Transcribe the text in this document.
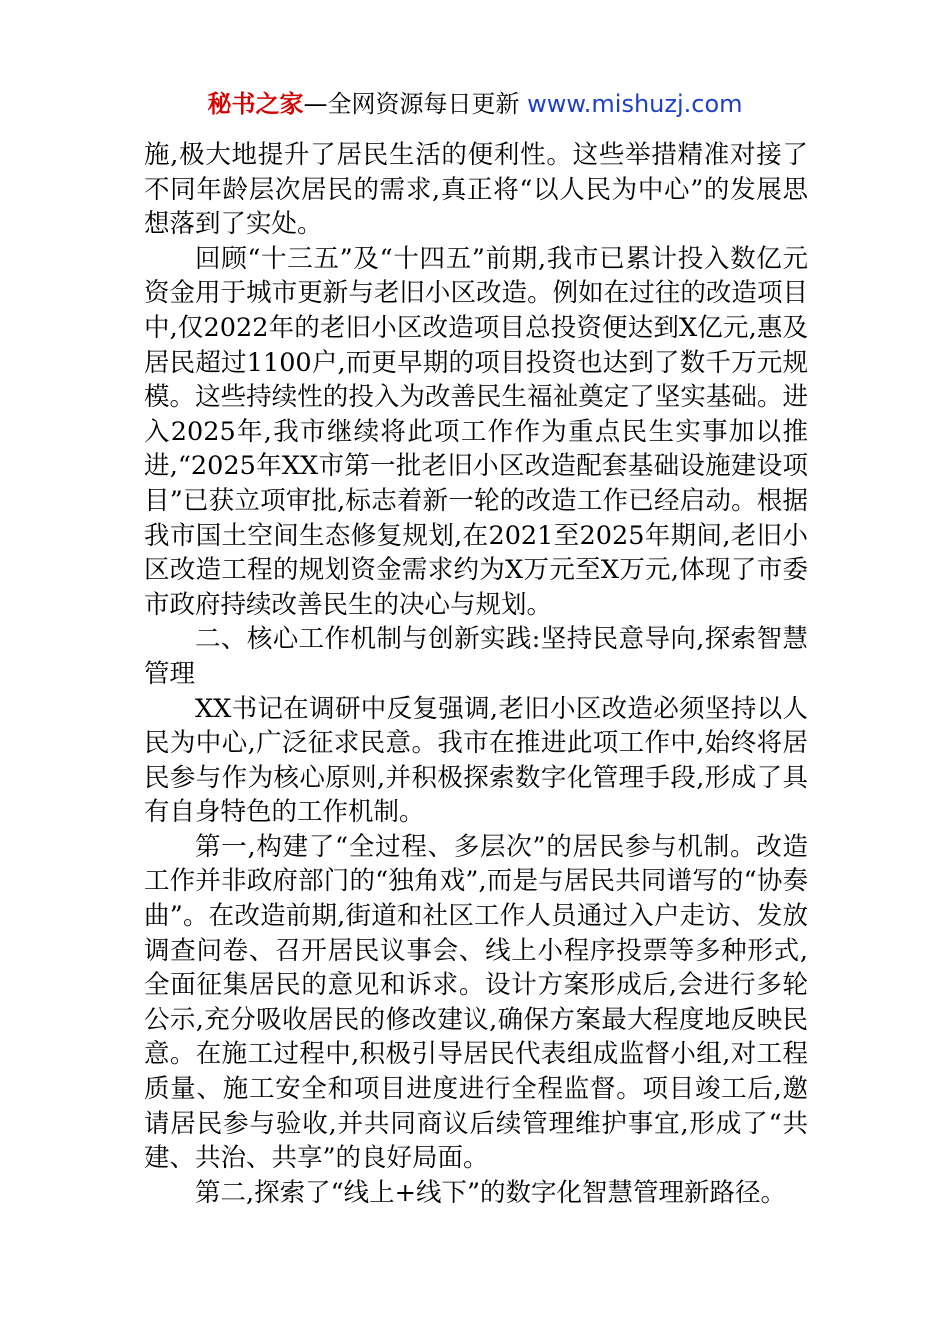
秘书之家—全网资源每日更新 www.mishuzj.com

施,极大地提升了居民生活的便利性。这些举措精准对接了不同年龄层次居民的需求,真正将“以人民为中心”的发展思想落到了实处。

回顾“十三五”及“十四五”前期,我市已累计投入数亿元资金用于城市更新与老旧小区改造。例如在过往的改造项目中,仅2022年的老旧小区改造项目总投资便达到X亿元,惠及居民超过1100户,而更早期的项目投资也达到了数千万元规模。这些持续性的投入为改善民生福祉奠定了坚实基础。进入2025年,我市继续将此项工作作为重点民生实事加以推进,“2025年XX市第一批老旧小区改造配套基础设施建设项目”已获立项审批,标志着新一轮的改造工作已经启动。根据我市国土空间生态修复规划,在2021至2025年期间,老旧小区改造工程的规划资金需求约为X万元至X万元,体现了市委市政府持续改善民生的决心与规划。

二、核心工作机制与创新实践:坚持民意导向,探索智慧管理

XX书记在调研中反复强调,老旧小区改造必须坚持以人民为中心,广泛征求民意。我市在推进此项工作中,始终将居民参与作为核心原则,并积极探索数字化管理手段,形成了具有自身特色的工作机制。

第一,构建了“全过程、多层次”的居民参与机制。改造工作并非政府部门的“独角戏”,而是与居民共同谱写的“协奏曲”。在改造前期,街道和社区工作人员通过入户走访、发放调查问卷、召开居民议事会、线上小程序投票等多种形式,全面征集居民的意见和诉求。设计方案形成后,会进行多轮公示,充分吸收居民的修改建议,确保方案最大程度地反映民意。在施工过程中,积极引导居民代表组成监督小组,对工程质量、施工安全和项目进度进行全程监督。项目竣工后,邀请居民参与验收,并共同商议后续管理维护事宜,形成了“共建、共治、共享”的良好局面。

第二,探索了“线上+线下”的数字化智慧管理新路径。
